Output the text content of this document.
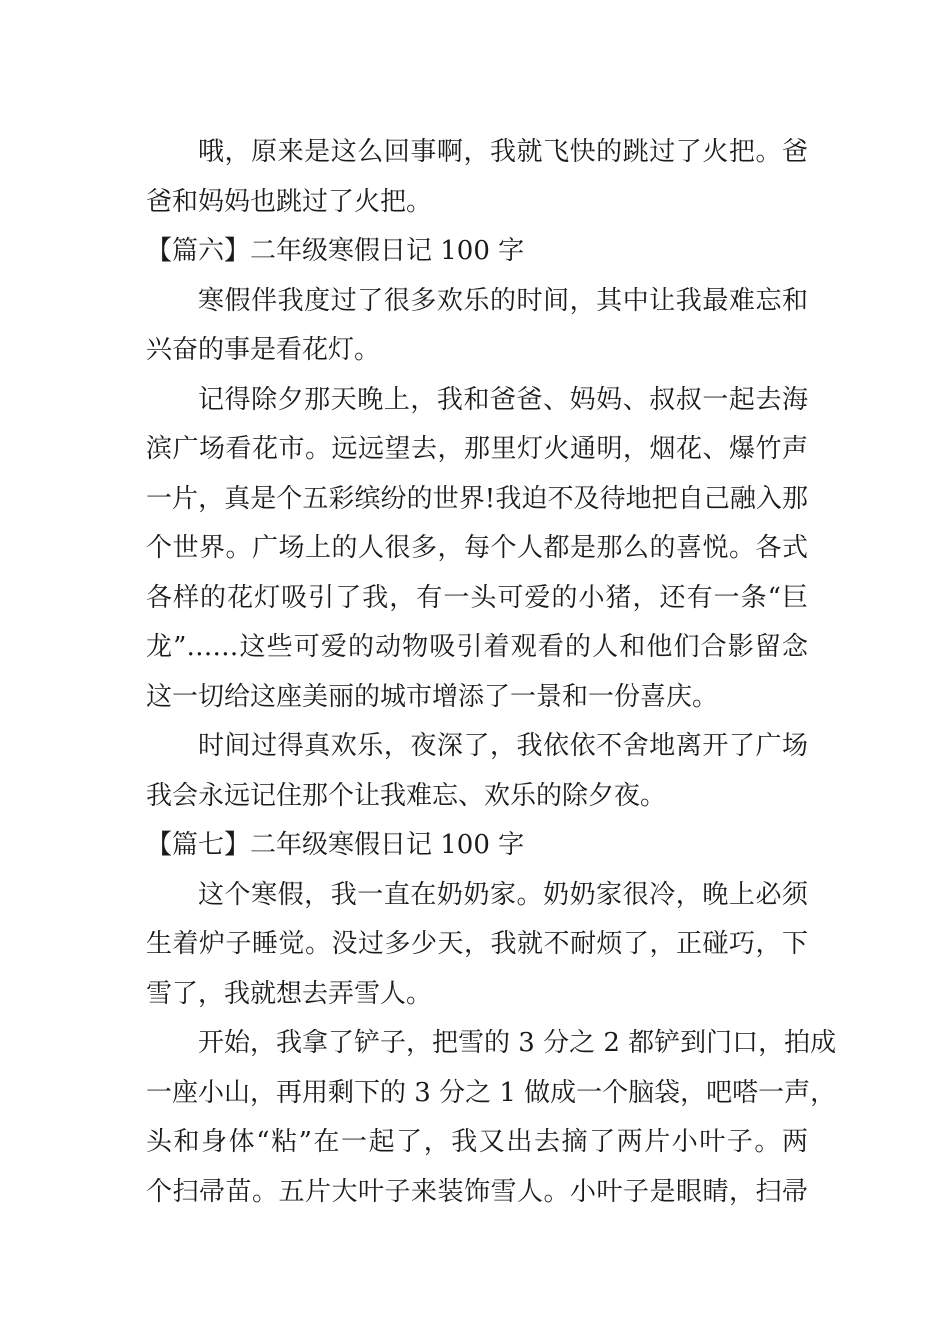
哦，原来是这么回事啊，我就飞快的跳过了火把。爸
爸和妈妈也跳过了火把。
【篇六】二年级寒假日记 100 字
寒假伴我度过了很多欢乐的时间，其中让我最难忘和
兴奋的事是看花灯。
记得除夕那天晚上，我和爸爸、妈妈、叔叔一起去海
滨广场看花市。远远望去，那里灯火通明，烟花、爆竹声
一片，真是个五彩缤纷的世界!我迫不及待地把自己融入那
个世界。广场上的人很多，每个人都是那么的喜悦。各式
各样的花灯吸引了我，有一头可爱的小猪，还有一条“巨
龙”……这些可爱的动物吸引着观看的人和他们合影留念
这一切给这座美丽的城市增添了一景和一份喜庆。
时间过得真欢乐，夜深了，我依依不舍地离开了广场
我会永远记住那个让我难忘、欢乐的除夕夜。
【篇七】二年级寒假日记 100 字
这个寒假，我一直在奶奶家。奶奶家很冷，晚上必须
生着炉子睡觉。没过多少天，我就不耐烦了，正碰巧，下
雪了，我就想去弄雪人。
开始，我拿了铲子，把雪的 3 分之 2 都铲到门口，拍成
一座小山，再用剩下的 3 分之 1 做成一个脑袋，吧嗒一声，
头和身体“粘”在一起了，我又出去摘了两片小叶子。两
个扫帚苗。五片大叶子来装饰雪人。小叶子是眼睛，扫帚
